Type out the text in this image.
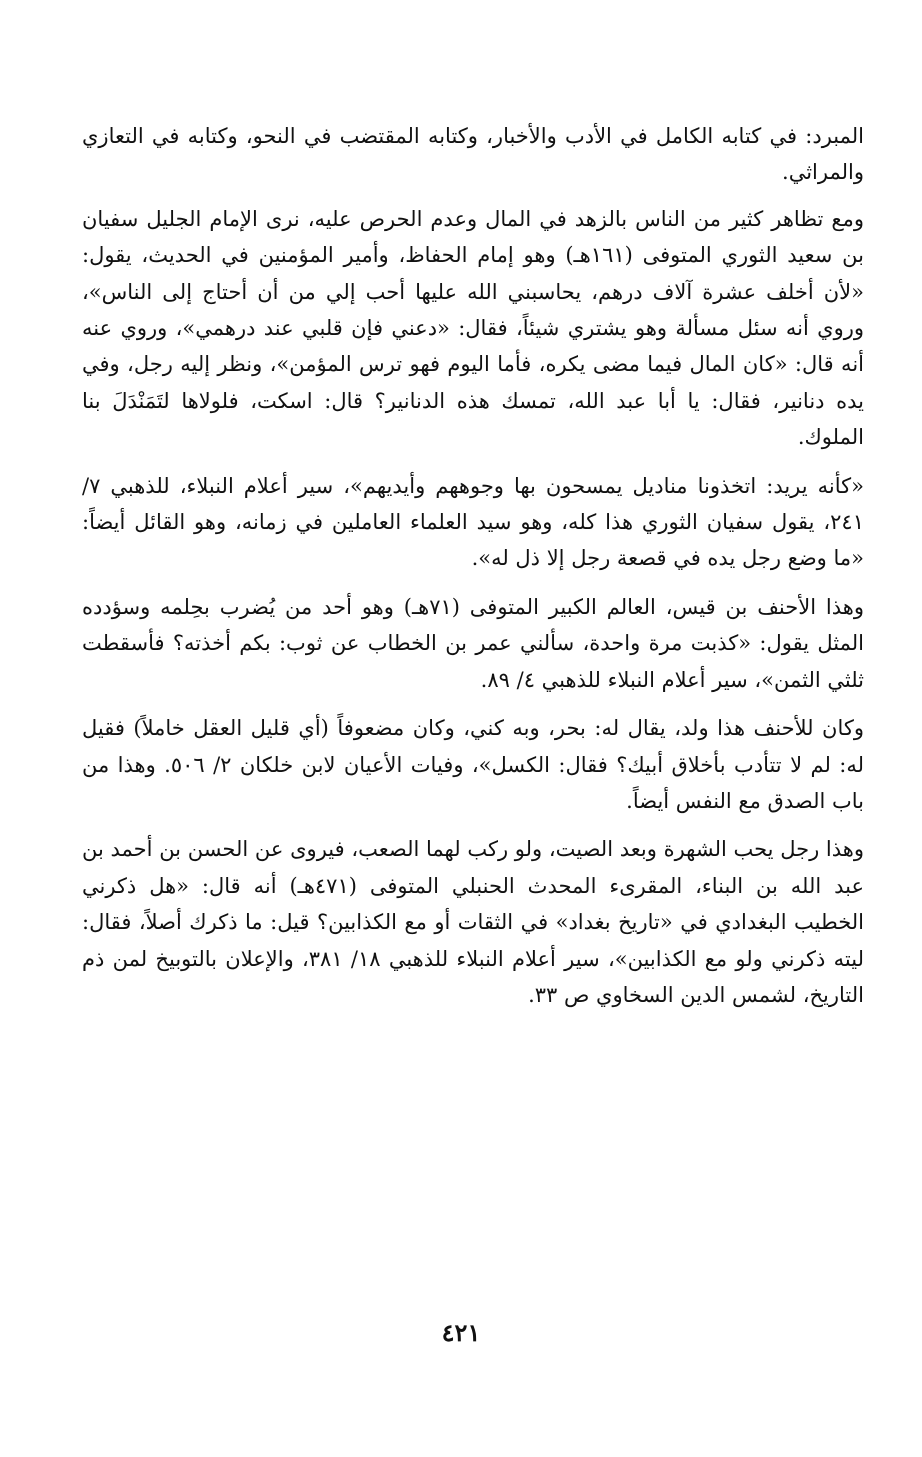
المبرد: في كتابه الكامل في الأدب والأخبار، وكتابه المقتضب في النحو، وكتابه في التعازي والمراثي.

ومع تظاهر كثير من الناس بالزهد في المال وعدم الحرص عليه، نرى الإمام الجليل سفيان بن سعيد الثوري المتوفى (١٦١هـ) وهو إمام الحفاظ، وأمير المؤمنين في الحديث، يقول: «لأن أخلف عشرة آلاف درهم، يحاسبني الله عليها أحب إلي من أن أحتاج إلى الناس»، وروي أنه سئل مسألة وهو يشتري شيئاً، فقال: «دعني فإن قلبي عند درهمي»، وروي عنه أنه قال: «كان المال فيما مضى يكره، فأما اليوم فهو ترس المؤمن»، ونظر إليه رجل، وفي يده دنانير، فقال: يا أبا عبد الله، تمسك هذه الدنانير؟ قال: اسكت، فلولاها لتَمَنْدَلَ بنا الملوك.

«كأنه يريد: اتخذونا مناديل يمسحون بها وجوههم وأيديهم»، سير أعلام النبلاء، للذهبي ٧/ ٢٤١، يقول سفيان الثوري هذا كله، وهو سيد العلماء العاملين في زمانه، وهو القائل أيضاً: «ما وضع رجل يده في قصعة رجل إلا ذل له».

وهذا الأحنف بن قيس، العالم الكبير المتوفى (٧١هـ) وهو أحد من يُضرب بحِلمه وسؤدده المثل يقول: «كذبت مرة واحدة، سألني عمر بن الخطاب عن ثوب: بكم أخذته؟ فأسقطت ثلثي الثمن»، سير أعلام النبلاء للذهبي ٤/ ٨٩.

وكان للأحنف هذا ولد، يقال له: بحر، وبه كني، وكان مضعوفاً (أي قليل العقل خاملاً) فقيل له: لم لا تتأدب بأخلاق أبيك؟ فقال: الكسل»، وفيات الأعيان لابن خلكان ٢/ ٥٠٦. وهذا من باب الصدق مع النفس أيضاً.

وهذا رجل يحب الشهرة وبعد الصيت، ولو ركب لهما الصعب، فيروى عن الحسن بن أحمد بن عبد الله بن البناء، المقرىء المحدث الحنبلي المتوفى (٤٧١هـ) أنه قال: «هل ذكرني الخطيب البغدادي في «تاريخ بغداد» في الثقات أو مع الكذابين؟ قيل: ما ذكرك أصلاً، فقال: ليته ذكرني ولو مع الكذابين»، سير أعلام النبلاء للذهبي ١٨/ ٣٨١، والإعلان بالتوبيخ لمن ذم التاريخ، لشمس الدين السخاوي ص ٣٣.

٤٢١
